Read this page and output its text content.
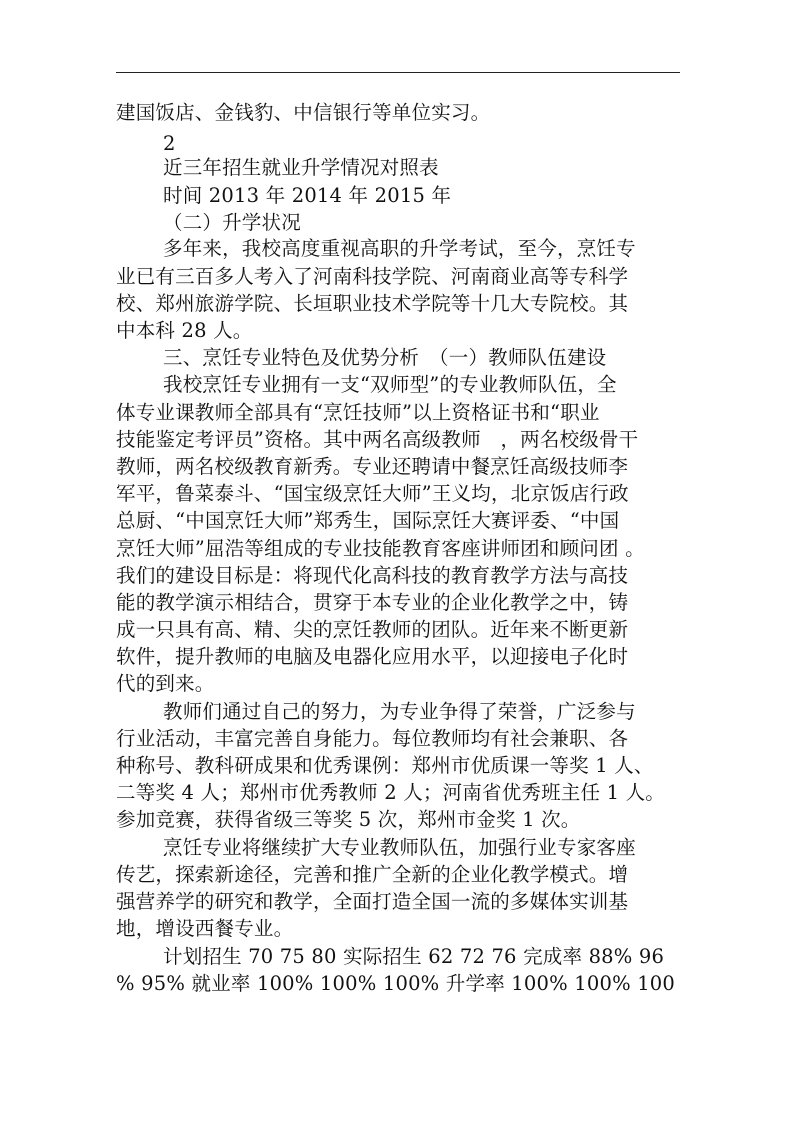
建国饭店、金钱豹、中信银行等单位实习。
2
近三年招生就业升学情况对照表
时间 2013 年 2014 年 2015 年
（二）升学状况
多年来，我校高度重视高职的升学考试，至今，烹饪专
业已有三百多人考入了河南科技学院、河南商业高等专科学
校、郑州旅游学院、长垣职业技术学院等十几大专院校。其
中本科 28 人。
三、烹饪专业特色及优势分析　（一）教师队伍建设
我校烹饪专业拥有一支“双师型”的专业教师队伍，全
体专业课教师全部具有“烹饪技师”以上资格证书和“职业
技能鉴定考评员”资格。其中两名高级教师　，两名校级骨干
教师，两名校级教育新秀。专业还聘请中餐烹饪高级技师李
军平，鲁菜泰斗、“国宝级烹饪大师”王义均，北京饭店行政
总厨、“中国烹饪大师”郑秀生，国际烹饪大赛评委、“中国
烹饪大师”屈浩等组成的专业技能教育客座讲师团和顾问团 。
我们的建设目标是：将现代化高科技的教育教学方法与高技
能的教学演示相结合，贯穿于本专业的企业化教学之中，铸
成一只具有高、精、尖的烹饪教师的团队。近年来不断更新
软件，提升教师的电脑及电器化应用水平，以迎接电子化时
代的到来。
教师们通过自己的努力，为专业争得了荣誉，广泛参与
行业活动，丰富完善自身能力。每位教师均有社会兼职、各
种称号、教科研成果和优秀课例：郑州市优质课一等奖 1 人、
二等奖 4 人；郑州市优秀教师 2 人；河南省优秀班主任 1 人。
参加竞赛，获得省级三等奖 5 次，郑州市金奖 1 次。
烹饪专业将继续扩大专业教师队伍，加强行业专家客座
传艺，探索新途径，完善和推广全新的企业化教学模式。增
强营养学的研究和教学，全面打造全国一流的多媒体实训基
地，增设西餐专业。
计划招生 70 75 80 实际招生 62 72 76 完成率 88% 96
% 95% 就业率 100% 100% 100% 升学率 100% 100% 100
